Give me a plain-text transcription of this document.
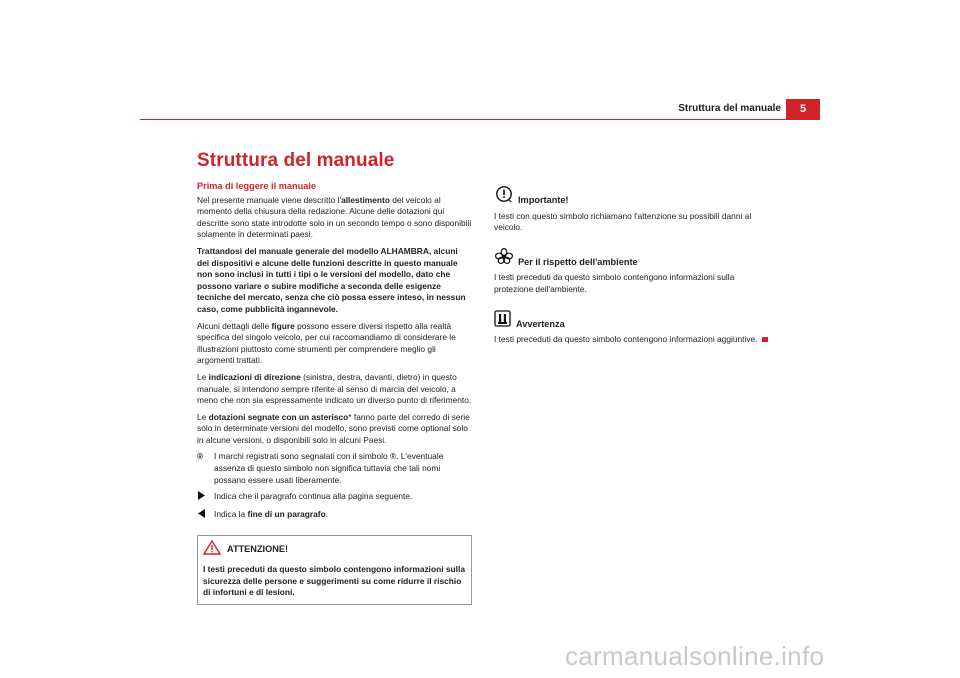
Struttura del manuale	5
Struttura del manuale
Prima di leggere il manuale

Nel presente manuale viene descritto l'allestimento del veicolo al momento della chiusura della redazione. Alcune delle dotazioni qui descritte sono state introdotte solo in un secondo tempo o sono disponibili solamente in determinati paesi.

Trattandosi del manuale generale del modello ALHAMBRA, alcuni dei dispositivi e alcune delle funzioni descritte in questo manuale non sono inclusi in tutti i tipi o le versioni del modello, dato che possono variare o subire modifiche a seconda delle esigenze tecniche del mercato, senza che ciò possa essere inteso, in nessun caso, come pubblicità ingannevole.

Alcuni dettagli delle figure possono essere diversi rispetto alla realtà specifica del singolo veicolo, per cui raccomandiamo di considerare le illustrazioni piuttosto come strumenti per comprendere meglio gli argomenti trattati.

Le indicazioni di direzione (sinistra, destra, davanti, dietro) in questo manuale, si intendono sempre riferite al senso di marcia del veicolo, a meno che non sia espressamente indicato un diverso punto di riferimento.

Le dotazioni segnate con un asterisco* fanno parte del corredo di serie solo in determinate versioni del modello, sono previsti come optional solo in alcune versioni, o disponibili solo in alcuni Paesi.

®	I marchi registrati sono segnalati con il simbolo ®. L'eventuale assenza di questo simbolo non significa tuttavia che tali nomi possano essere usati liberamente.
Indica che il paragrafo continua alla pagina seguente.
Indica la fine di un paragrafo.
ATTENZIONE!
I testi preceduti da questo simbolo contengono informazioni sulla sicurezza delle persone e suggerimenti su come ridurre il rischio di infortuni e di lesioni.
Importante!
I testi con questo simbolo richiamano l'attenzione su possibili danni al veicolo.
Per il rispetto dell'ambiente
I testi preceduti da questo simbolo contengono informazioni sulla protezione dell'ambiente.
Avvertenza
I testi preceduti da questo simbolo contengono informazioni aggiuntive.
carmanualsonline.info
